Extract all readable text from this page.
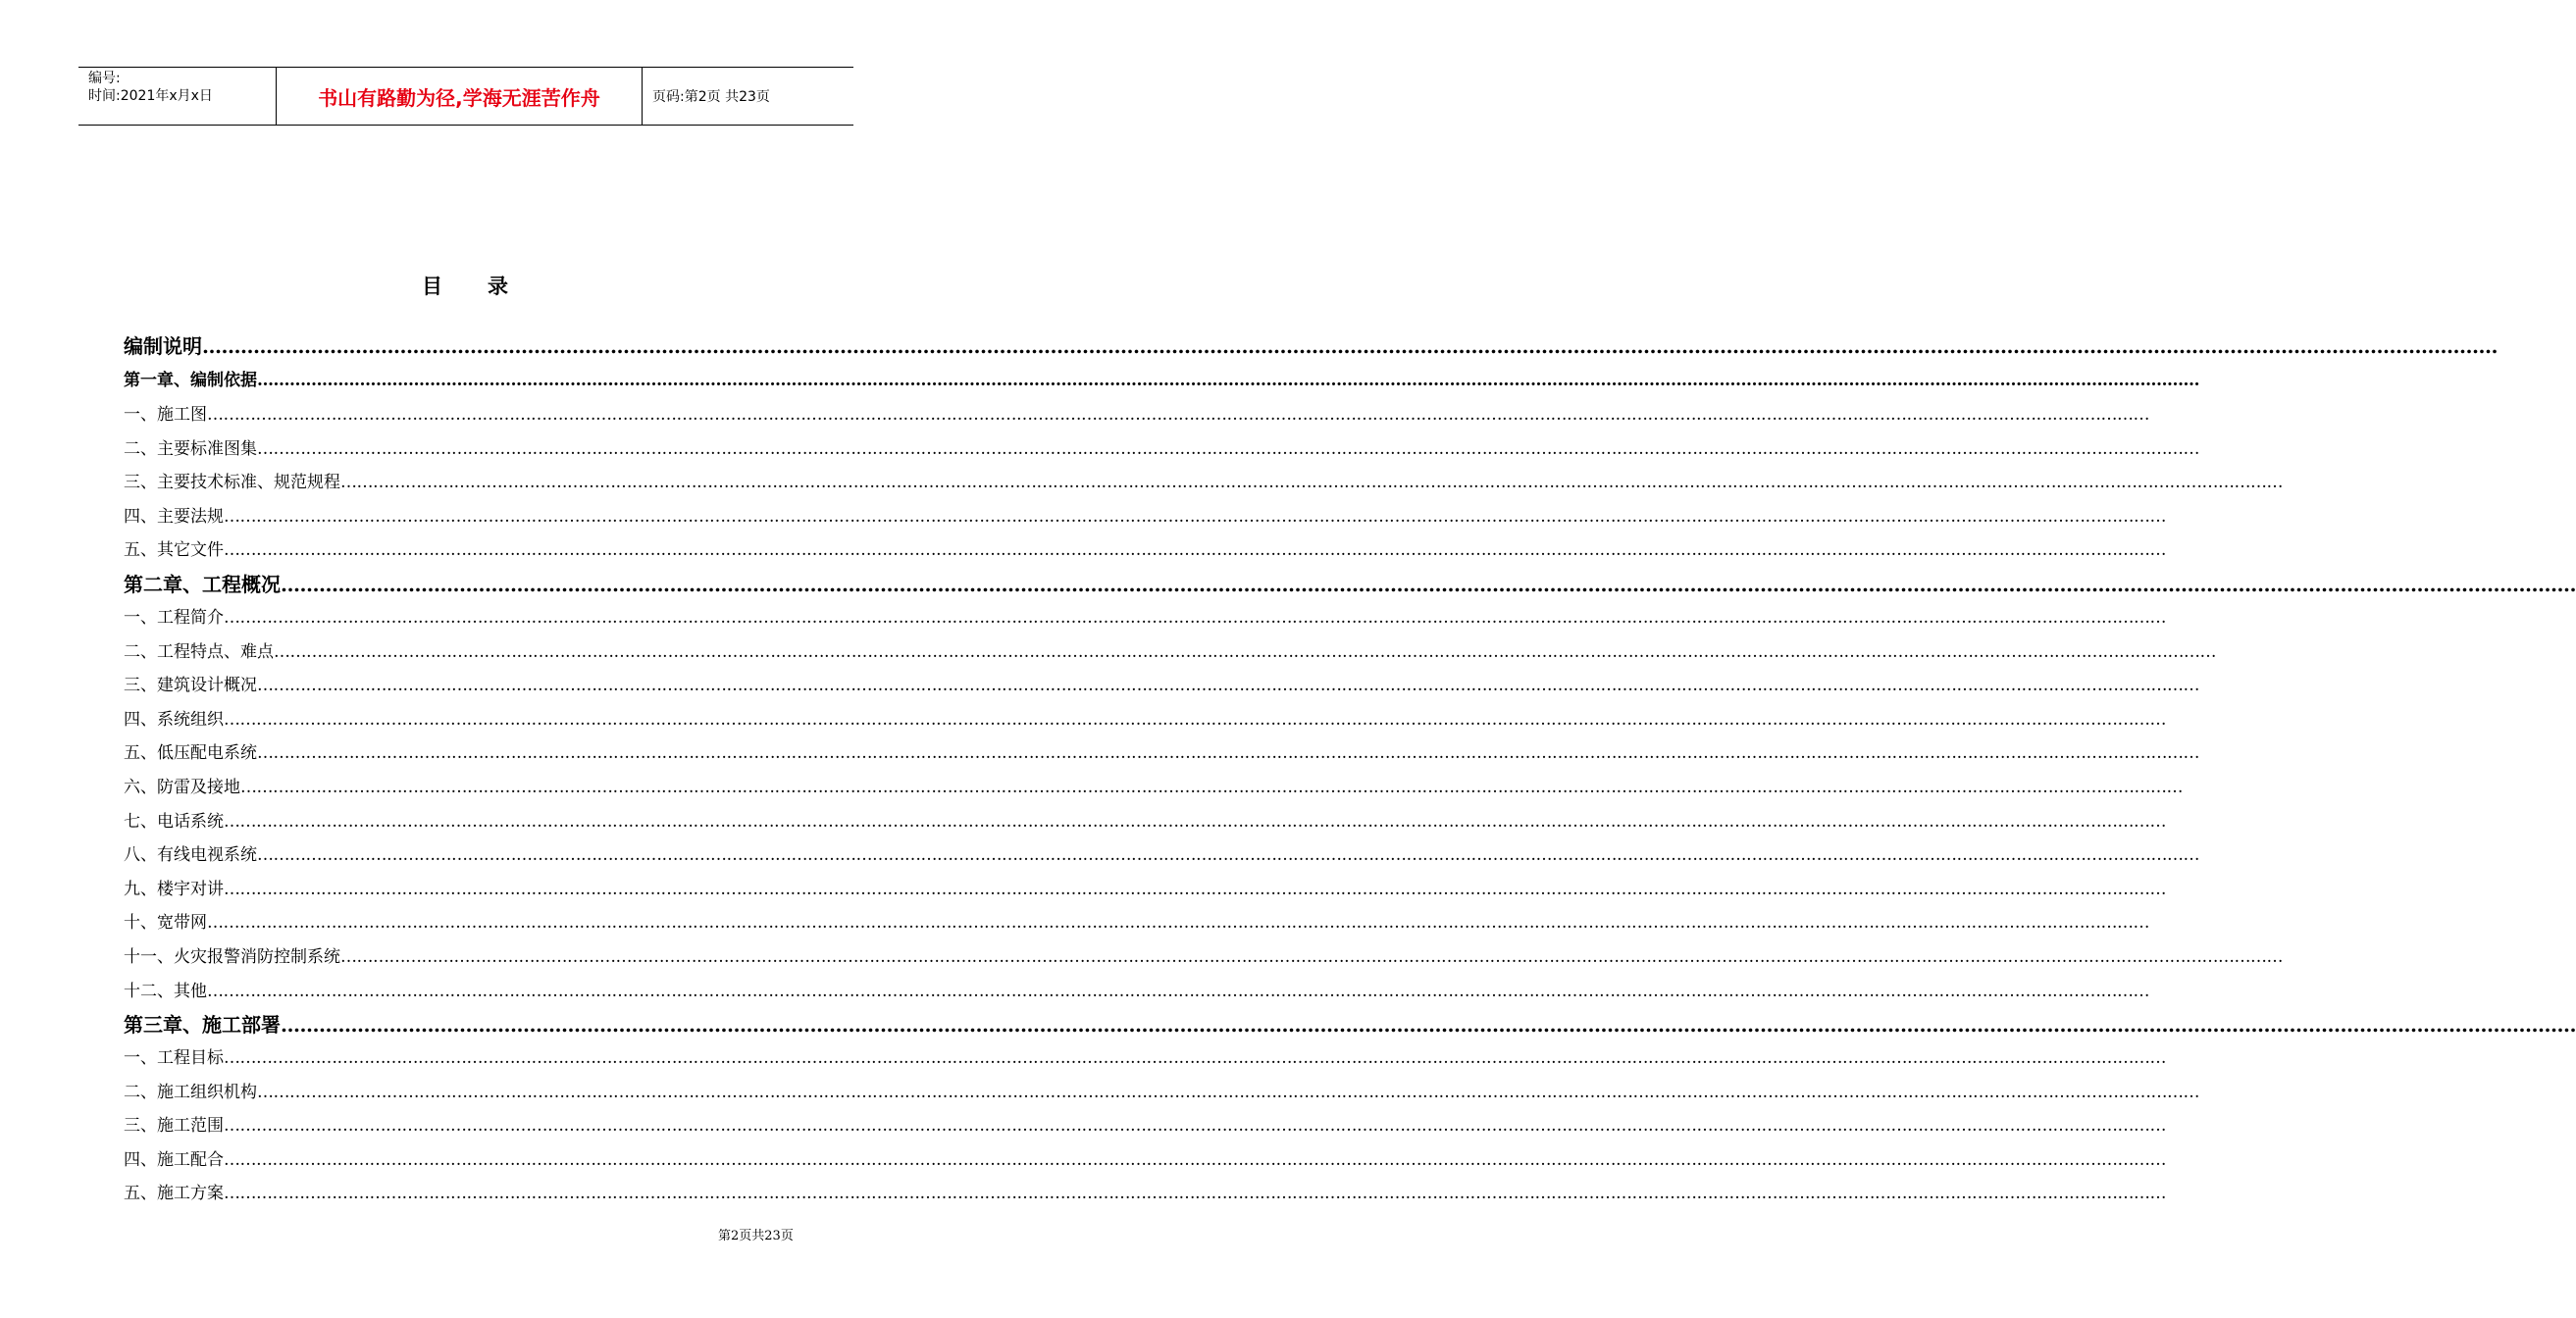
编号:
时间:2021年x月x日	书山有路勤为径,学海无涯苦作舟	页码:第2页 共23页
目 录
编制说明 ………………………………………………………………………………………………………………………………………………………………………………………………………………………………………………………………………………………………………………………………
第一章、编制依据 ………………………………………………………………………………………………………………………………………………………………………………………………………………………………………………………………………………………………………………………………
一、施工图 ………………………………………………………………………………………………………………………………………………………………………………………………………………………………………………………………………………………………………………………………
二、主要标准图集 ………………………………………………………………………………………………………………………………………………………………………………………………………………………………………………………………………………………………………………………………
三、主要技术标准、规范规程 ………………………………………………………………………………………………………………………………………………………………………………………………………………………………………………………………………………………………………………………………
四、主要法规 ………………………………………………………………………………………………………………………………………………………………………………………………………………………………………………………………………………………………………………………………
五、其它文件 ………………………………………………………………………………………………………………………………………………………………………………………………………………………………………………………………………………………………………………………………
第二章、工程概况 ………………………………………………………………………………………………………………………………………………………………………………………………………………………………………………………………………………………………………………………………
一、工程简介 ………………………………………………………………………………………………………………………………………………………………………………………………………………………………………………………………………………………………………………………………
二、工程特点、难点 ………………………………………………………………………………………………………………………………………………………………………………………………………………………………………………………………………………………………………………………………
三、建筑设计概况 ………………………………………………………………………………………………………………………………………………………………………………………………………………………………………………………………………………………………………………………………
四、系统组织 ………………………………………………………………………………………………………………………………………………………………………………………………………………………………………………………………………………………………………………………………
五、低压配电系统 ………………………………………………………………………………………………………………………………………………………………………………………………………………………………………………………………………………………………………………………………
六、防雷及接地 ………………………………………………………………………………………………………………………………………………………………………………………………………………………………………………………………………………………………………………………………
七、电话系统 ………………………………………………………………………………………………………………………………………………………………………………………………………………………………………………………………………………………………………………………………
八、有线电视系统 ………………………………………………………………………………………………………………………………………………………………………………………………………………………………………………………………………………………………………………………………
九、楼宇对讲 ………………………………………………………………………………………………………………………………………………………………………………………………………………………………………………………………………………………………………………………………
十、宽带网 ………………………………………………………………………………………………………………………………………………………………………………………………………………………………………………………………………………………………………………………………
十一、火灾报警消防控制系统 ………………………………………………………………………………………………………………………………………………………………………………………………………………………………………………………………………………………………………………………………
十二、其他 ………………………………………………………………………………………………………………………………………………………………………………………………………………………………………………………………………………………………………………………………
第三章、施工部署 ………………………………………………………………………………………………………………………………………………………………………………………………………………………………………………………………………………………………………………………………
一、工程目标 ………………………………………………………………………………………………………………………………………………………………………………………………………………………………………………………………………………………………………………………………
二、施工组织机构 ………………………………………………………………………………………………………………………………………………………………………………………………………………………………………………………………………………………………………………………………
三、施工范围 ………………………………………………………………………………………………………………………………………………………………………………………………………………………………………………………………………………………………………………………………
四、施工配合 ………………………………………………………………………………………………………………………………………………………………………………………………………………………………………………………………………………………………………………………………
五、施工方案 ………………………………………………………………………………………………………………………………………………………………………………………………………………………………………………………………………………………………………………………………
第2页共23页
